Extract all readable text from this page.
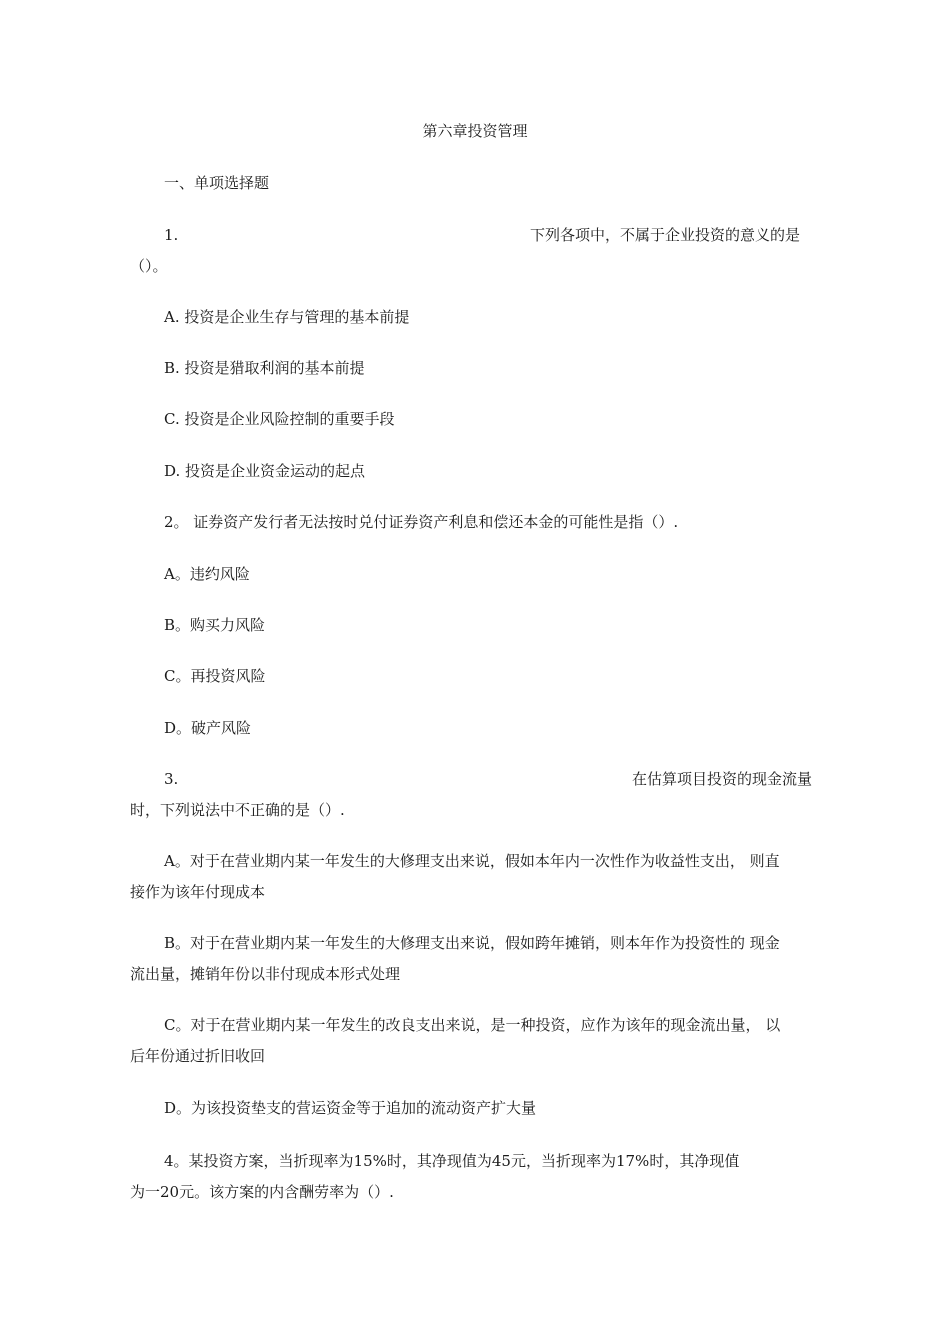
第六章投资管理
一、单项选择题
1.	下列各项中，不属于企业投资的意义的是
（）。
A. 投资是企业生存与管理的基本前提
B. 投资是猎取利润的基本前提
C. 投资是企业风险控制的重要手段
D. 投资是企业资金运动的起点
2。 证券资产发行者无法按时兑付证券资产利息和偿还本金的可能性是指（）.
A。违约风险
B。购买力风险
C。再投资风险
D。破产风险
3.	在估算项目投资的现金流量
时，下列说法中不正确的是（）.
A。对于在营业期内某一年发生的大修理支出来说，假如本年内一次性作为收益性支出， 则直
接作为该年付现成本
B。对于在营业期内某一年发生的大修理支出来说，假如跨年摊销，则本年作为投资性的 现金
流出量，摊销年份以非付现成本形式处理
C。对于在营业期内某一年发生的改良支出来说，是一种投资，应作为该年的现金流出量， 以
后年份通过折旧收回
D。为该投资垫支的营运资金等于追加的流动资产扩大量
4。某投资方案，当折现率为15%时，其净现值为45元，当折现率为17%时，其净现值
为一20元。该方案的内含酬劳率为（）.
